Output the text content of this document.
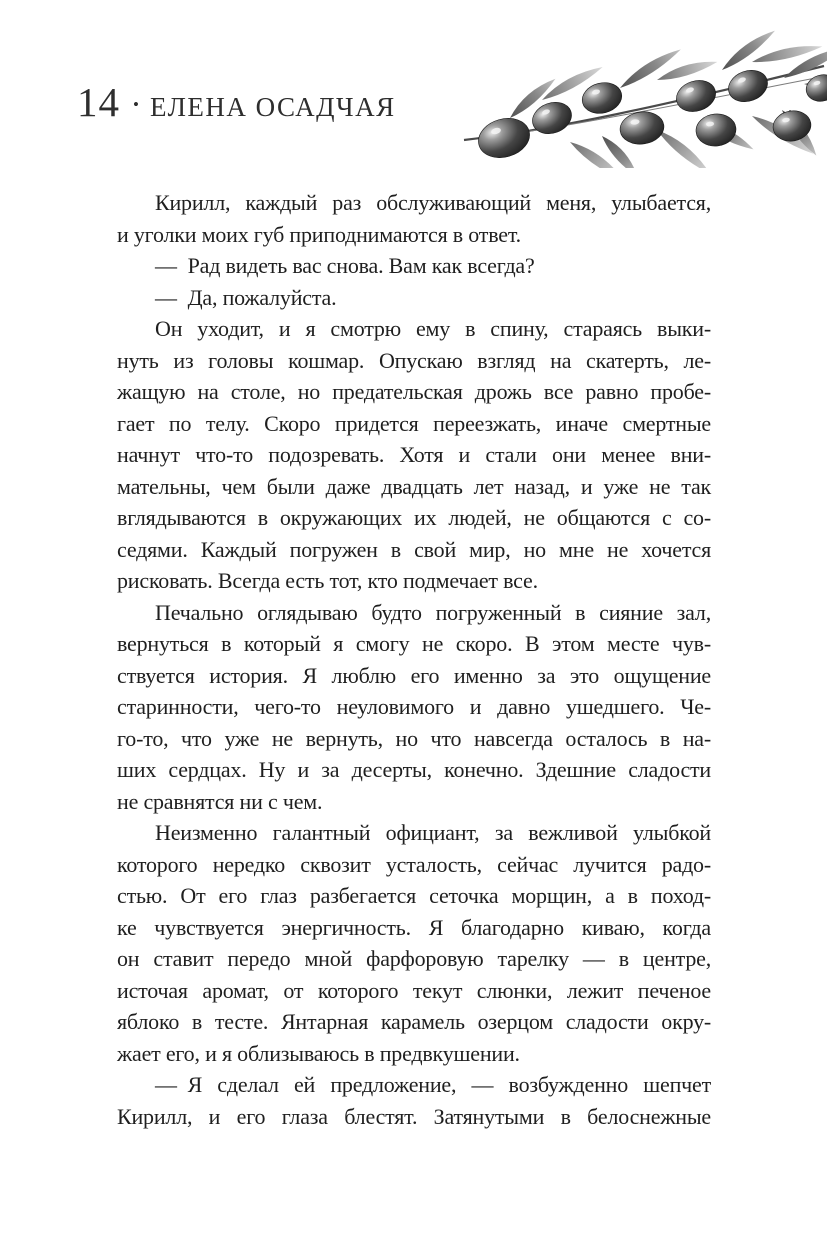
14 • ЕЛЕНА ОСАДЧАЯ
Кирилл, каждый раз обслуживающий меня, улыбается,
и уголки моих губ приподнимаются в ответ.
— Рад видеть вас снова. Вам как всегда?
— Да, пожалуйста.
Он уходит, и я смотрю ему в спину, стараясь выки-
нуть из головы кошмар. Опускаю взгляд на скатерть, ле-
жащую на столе, но предательская дрожь все равно пробе-
гает по телу. Скоро придется переезжать, иначе смертные
начнут что-то подозревать. Хотя и стали они менее вни-
мательны, чем были даже двадцать лет назад, и уже не так
вглядываются в окружающих их людей, не общаются с со-
седями. Каждый погружен в свой мир, но мне не хочется
рисковать. Всегда есть тот, кто подмечает все.
Печально оглядываю будто погруженный в сияние зал,
вернуться в который я смогу не скоро. В этом месте чув-
ствуется история. Я люблю его именно за это ощущение
старинности, чего-то неуловимого и давно ушедшего. Че-
го-то, что уже не вернуть, но что навсегда осталось в на-
ших сердцах. Ну и за десерты, конечно. Здешние сладости
не сравнятся ни с чем.
Неизменно галантный официант, за вежливой улыбкой
которого нередко сквозит усталость, сейчас лучится радо-
стью. От его глаз разбегается сеточка морщин, а в поход-
ке чувствуется энергичность. Я благодарно киваю, когда
он ставит передо мной фарфоровую тарелку — в центре,
источая аромат, от которого текут слюнки, лежит печеное
яблоко в тесте. Янтарная карамель озерцом сладости окру-
жает его, и я облизываюсь в предвкушении.
— Я сделал ей предложение, — возбужденно шепчет
Кирилл, и его глаза блестят. Затянутыми в белоснежные
